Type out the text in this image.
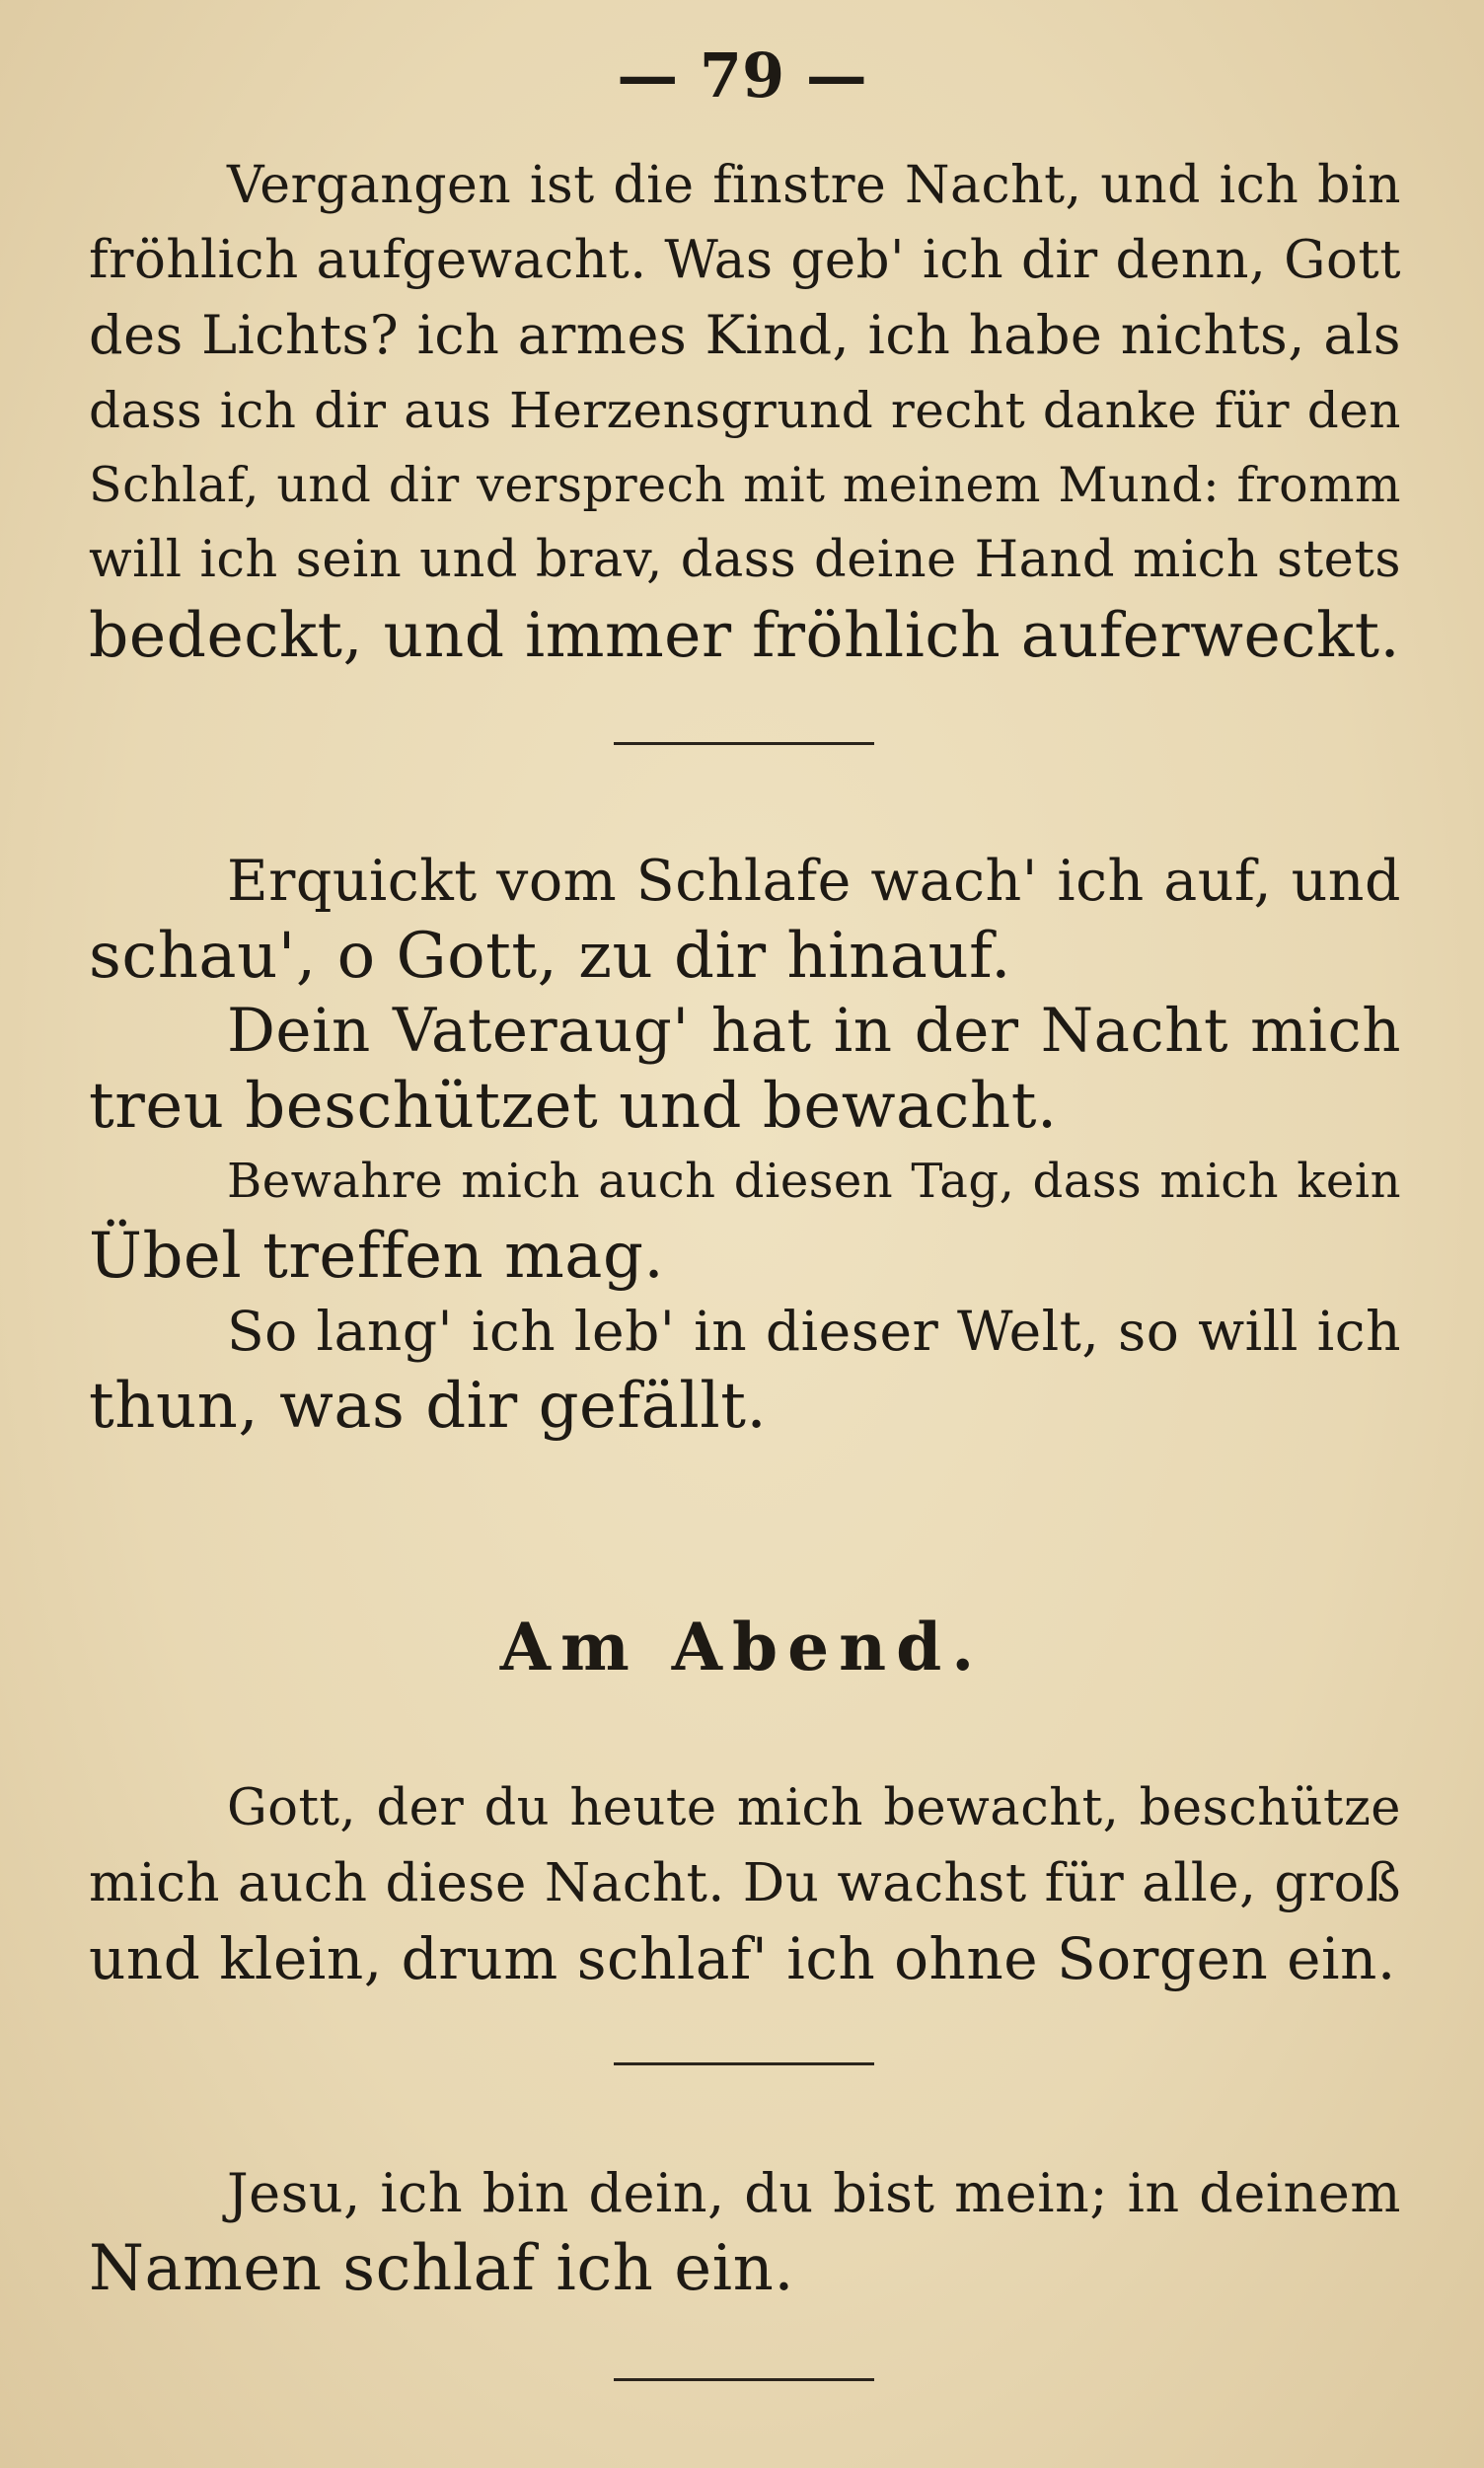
— 79 —
Vergangen ist die finstre Nacht, und ich bin
fröhlich aufgewacht. Was geb' ich dir denn, Gott
des Lichts? ich armes Kind, ich habe nichts, als
dass ich dir aus Herzensgrund recht danke für den
Schlaf, und dir versprech mit meinem Mund: fromm
will ich sein und brav, dass deine Hand mich stets
bedeckt, und immer fröhlich auferweckt.
Erquickt vom Schlafe wach' ich auf, und
schau', o Gott, zu dir hinauf.
Dein Vateraug' hat in der Nacht mich
treu beschützet und bewacht.
Bewahre mich auch diesen Tag, dass mich kein
Übel treffen mag.
So lang' ich leb' in dieser Welt, so will ich
thun, was dir gefällt.
Am Abend.
Gott, der du heute mich bewacht, beschütze
mich auch diese Nacht. Du wachst für alle, groß
und klein, drum schlaf' ich ohne Sorgen ein.
Jesu, ich bin dein, du bist mein; in deinem
Namen schlaf ich ein.
